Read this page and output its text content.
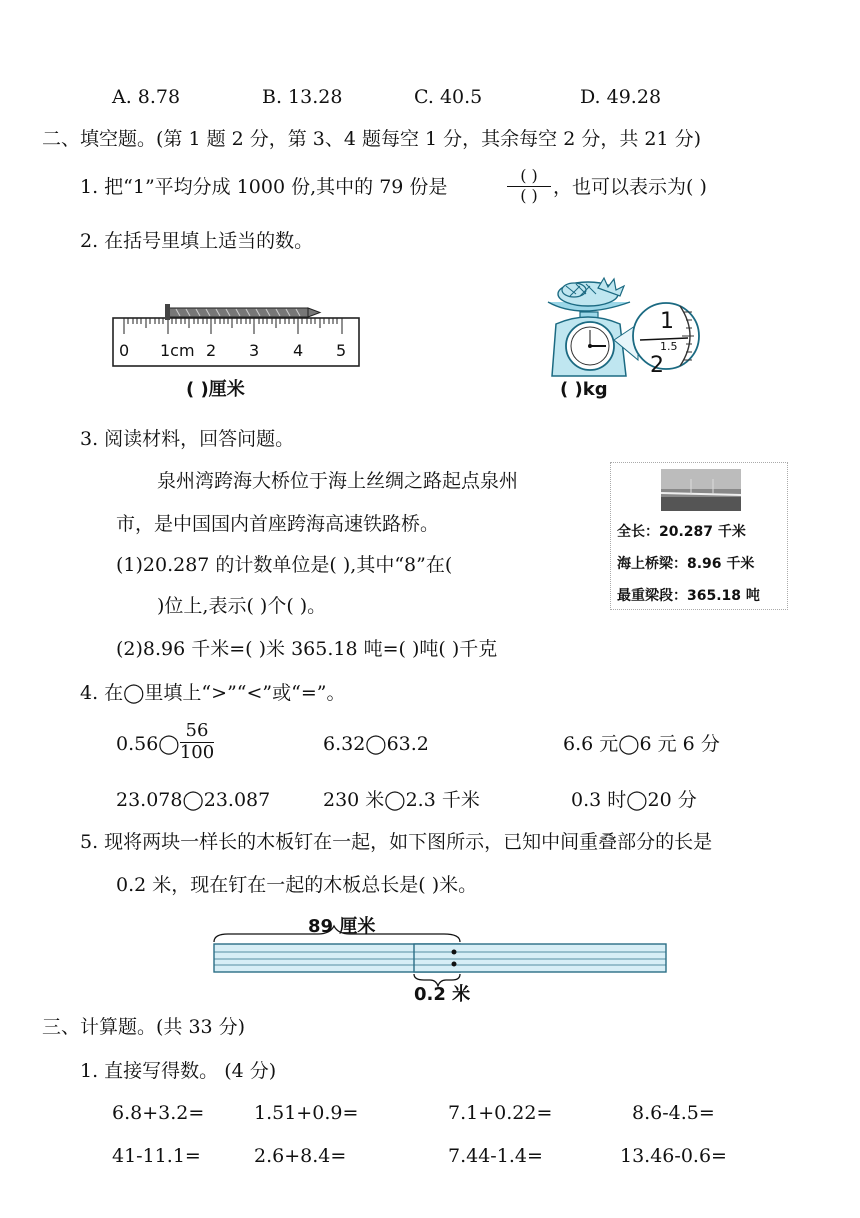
A. 8.78	B. 13.28	C. 40.5	D. 49.28
二、填空题。(第 1 题 2 分，第 3、4 题每空 1 分，其余每空 2 分，共 21 分)
1. 把“1”平均分成 1000 份,其中的 79 份是
( )
( ) ，也可以表示为( )
2. 在括号里填上适当的数。
0 1cm 2 3 4 5
( )厘米
1
1.5
2
( )kg
3. 阅读材料，回答问题。
泉州湾跨海大桥位于海上丝绸之路起点泉州
市，是中国国内首座跨海高速铁路桥。
(1)20.287 的计数单位是( ),其中“8”在(
)位上,表示( )个( )。
(2)8.96 千米=( )米 365.18 吨=( )吨( )千克
全长：20.287 千米
海上桥梁：8.96 千米
最重梁段：365.18 吨
4. 在◯里填上“>”“<”或“=”。
0.56◯
56
100	6.32◯63.2	6.6 元◯6 元 6 分
23.078◯23.087	230 米◯2.3 千米	0.3 时◯20 分
5. 现将两块一样长的木板钉在一起，如下图所示，已知中间重叠部分的长是
0.2 米，现在钉在一起的木板总长是( )米。
89 厘米
0.2 米
三、计算题。(共 33 分)
1. 直接写得数。 (4 分)
6.8+3.2=	1.51+0.9=	7.1+0.22=	8.6-4.5=
41-11.1=	2.6+8.4=	7.44-1.4=	13.46-0.6=
